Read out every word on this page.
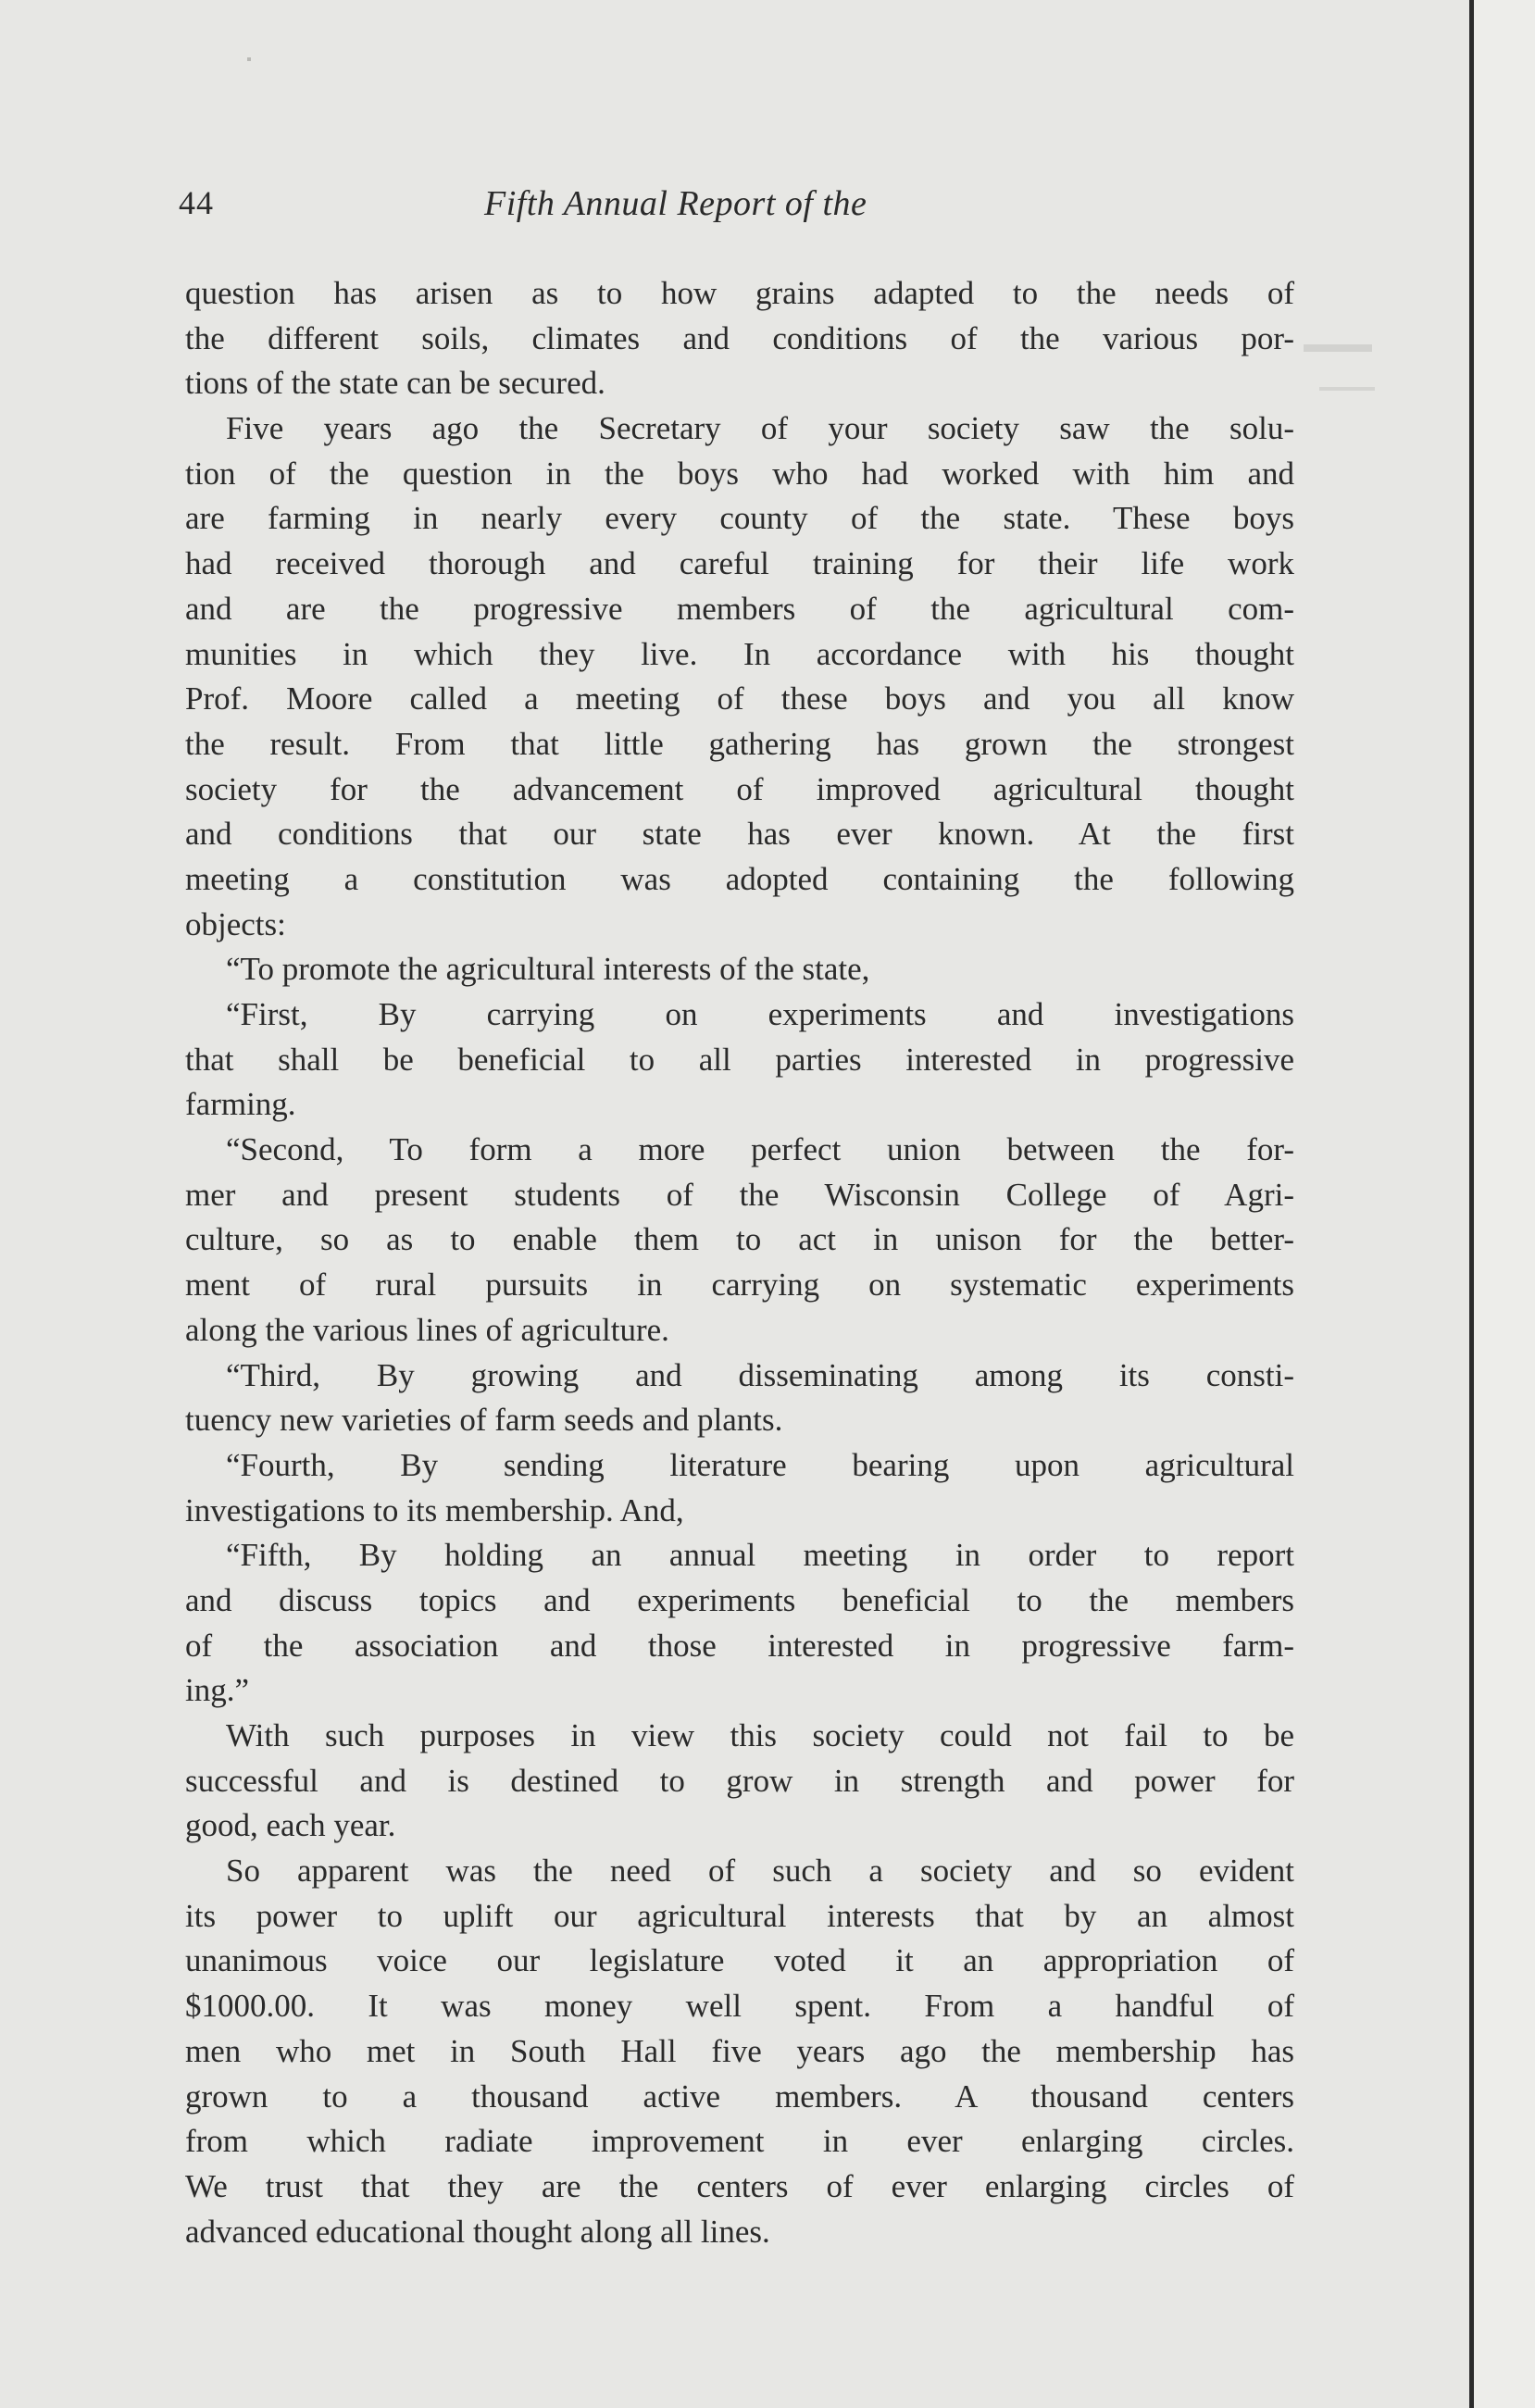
44	Fifth Annual Report of the
question has arisen as to how grains adapted to the needs of
the different soils, climates and conditions of the various por-
tions of the state can be secured.
Five years ago the Secretary of your society saw the solu-
tion of the question in the boys who had worked with him and
are farming in nearly every county of the state. These boys
had received thorough and careful training for their life work
and are the progressive members of the agricultural com-
munities in which they live. In accordance with his thought
Prof. Moore called a meeting of these boys and you all know
the result. From that little gathering has grown the strongest
society for the advancement of improved agricultural thought
and conditions that our state has ever known. At the first
meeting a constitution was adopted containing the following
objects:
“To promote the agricultural interests of the state,
“First, By carrying on experiments and investigations
that shall be beneficial to all parties interested in progressive
farming.
“Second, To form a more perfect union between the for-
mer and present students of the Wisconsin College of Agri-
culture, so as to enable them to act in unison for the better-
ment of rural pursuits in carrying on systematic experiments
along the various lines of agriculture.
“Third, By growing and disseminating among its consti-
tuency new varieties of farm seeds and plants.
“Fourth, By sending literature bearing upon agricultural
investigations to its membership. And,
“Fifth, By holding an annual meeting in order to report
and discuss topics and experiments beneficial to the members
of the association and those interested in progressive farm-
ing.”
With such purposes in view this society could not fail to be
successful and is destined to grow in strength and power for
good, each year.
So apparent was the need of such a society and so evident
its power to uplift our agricultural interests that by an almost
unanimous voice our legislature voted it an appropriation of
$1000.00. It was money well spent. From a handful of
men who met in South Hall five years ago the membership has
grown to a thousand active members. A thousand centers
from which radiate improvement in ever enlarging circles.
We trust that they are the centers of ever enlarging circles of
advanced educational thought along all lines.
